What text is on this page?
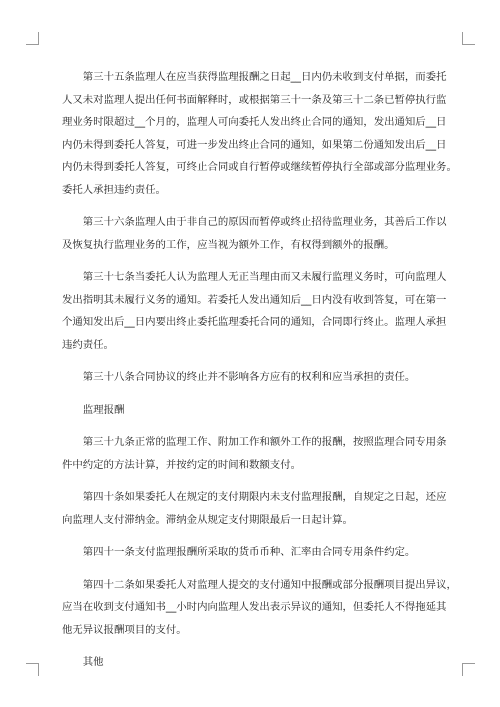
第三十五条监理人在应当获得监理报酬之日起__日内仍未收到支付单据，而委托
人又未对监理人提出任何书面解释时，或根据第三十一条及第三十二条已暂停执行监
理业务时限超过__个月的，监理人可向委托人发出终止合同的通知，发出通知后__日
内仍未得到委托人答复，可进一步发出终止合同的通知，如果第二份通知发出后__日
内仍未得到委托人答复，可终止合同或自行暂停或继续暂停执行全部或部分监理业务。
委托人承担违约责任。

第三十六条监理人由于非自己的原因而暂停或终止招待监理业务，其善后工作以
及恢复执行监理业务的工作，应当视为额外工作，有权得到额外的报酬。

第三十七条当委托人认为监理人无正当理由而又未履行监理义务时，可向监理人
发出指明其未履行义务的通知。若委托人发出通知后__日内没有收到答复，可在第一
个通知发出后__日内要出终止委托监理委托合同的通知，合同即行终止。监理人承担
违约责任。

第三十八条合同协议的终止并不影响各方应有的权利和应当承担的责任。

监理报酬

第三十九条正常的监理工作、附加工作和额外工作的报酬，按照监理合同专用条
件中约定的方法计算，并按约定的时间和数额支付。

第四十条如果委托人在规定的支付期限内未支付监理报酬，自规定之日起，还应
向监理人支付滞纳金。滞纳金从规定支付期限最后一日起计算。

第四十一条支付监理报酬所采取的货币币种、汇率由合同专用条件约定。

第四十二条如果委托人对监理人提交的支付通知中报酬或部分报酬项目提出异议，
应当在收到支付通知书__小时内向监理人发出表示异议的通知，但委托人不得拖延其
他无异议报酬项目的支付。

其他
